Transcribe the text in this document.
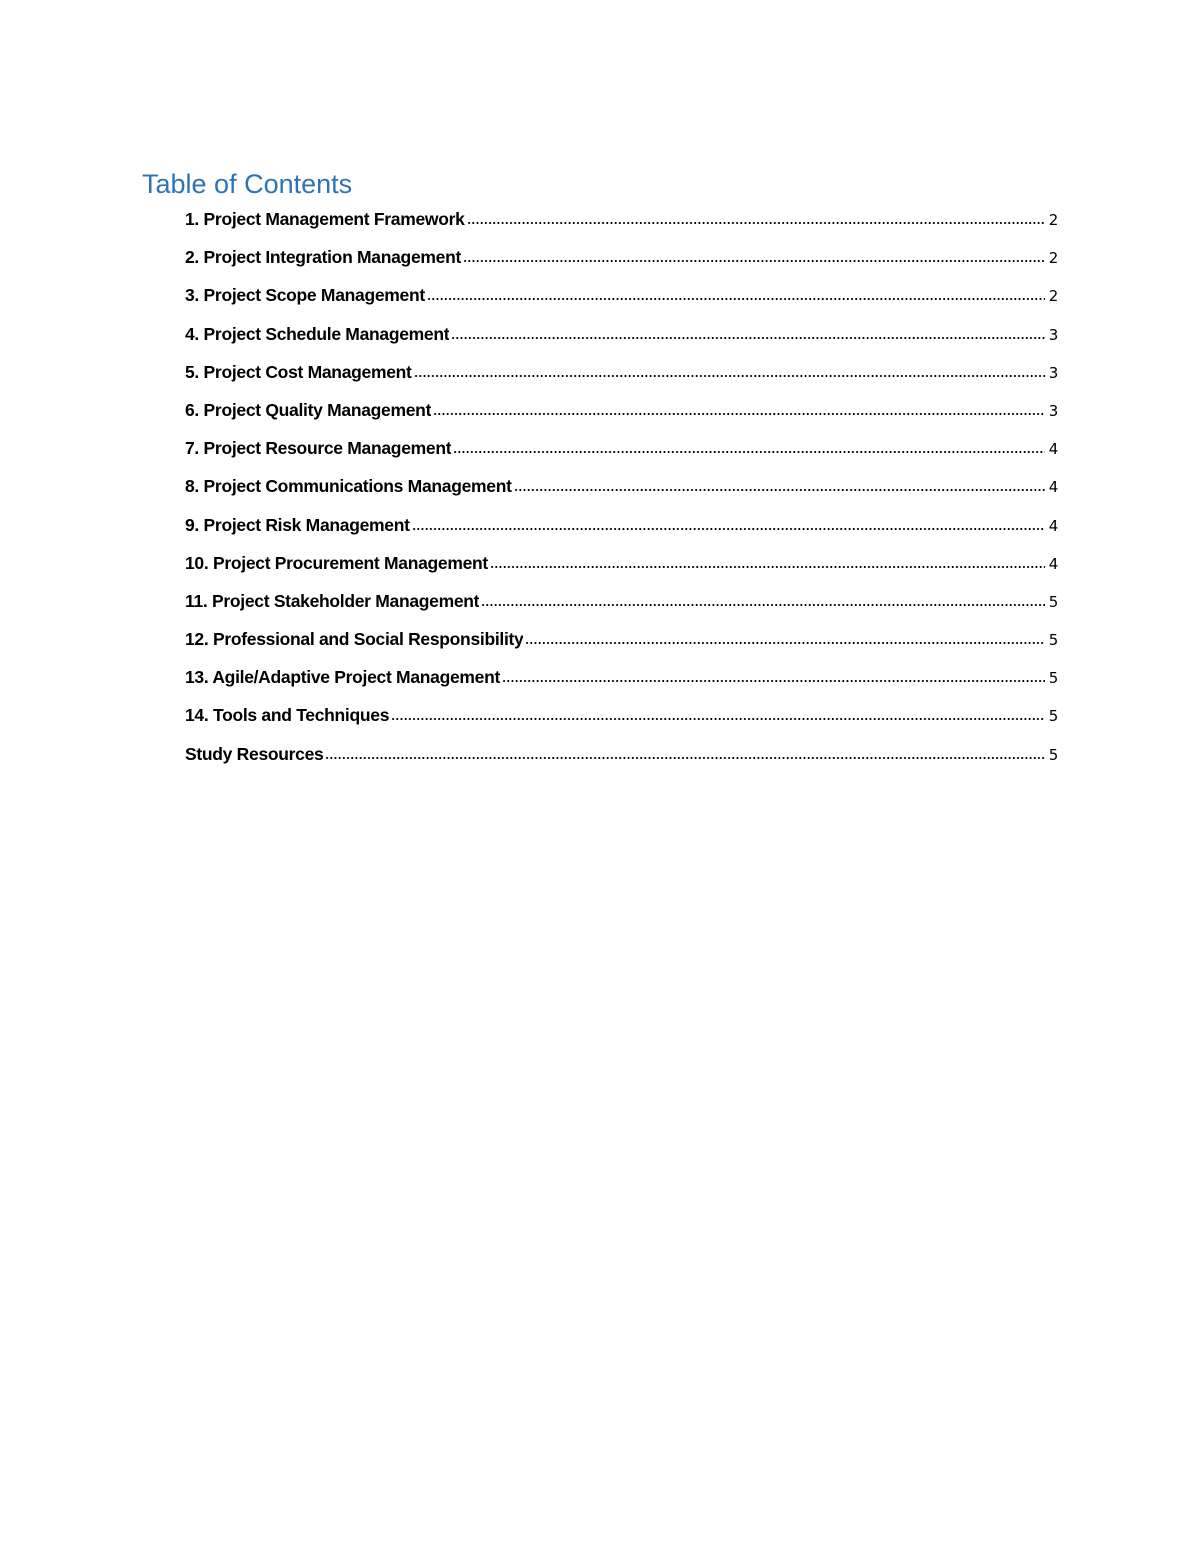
Table of Contents
1. Project Management Framework	2
2. Project Integration Management	2
3. Project Scope Management	2
4. Project Schedule Management	3
5. Project Cost Management	3
6. Project Quality Management	3
7. Project Resource Management	4
8. Project Communications Management	4
9. Project Risk Management	4
10. Project Procurement Management	4
11. Project Stakeholder Management	5
12. Professional and Social Responsibility	5
13. Agile/Adaptive Project Management	5
14. Tools and Techniques	5
Study Resources	5
